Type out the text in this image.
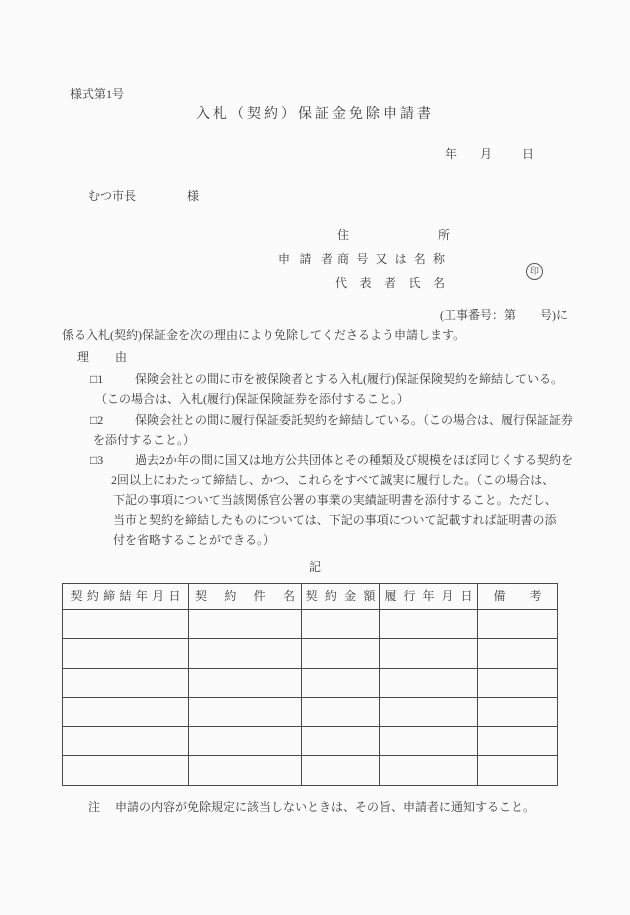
様式第1号
入札（契約）保証金免除申請書
年 月	日
むつ市長	様
住	所
申 請 者 商 号 又 は 名 称
代 表 者 氏 名
印
(工事番号：第　　号)に
係る入札(契約)保証金を次の理由により免除してくださるよう申請します。
理 由
□1	保険会社との間に市を被保険者とする入札(履行)保証保険契約を締結している。
（この場合は、入札(履行)保証保険証券を添付すること。）
□2	保険会社との間に履行保証委託契約を締結している。（この場合は、履行保証証券
を添付すること。）
□3	過去2か年の間に国又は地方公共団体とその種類及び規模をほぼ同じくする契約を
2回以上にわたって締結し、かつ、これらをすべて誠実に履行した。（この場合は、
下記の事項について当該関係官公署の事業の実績証明書を添付すること。ただし、
当市と契約を締結したものについては、下記の事項について記載すれば証明書の添
付を省略することができる。）
記
契 約 締 結 年 月 日	契 約 件 名	契 約 金 額	履 行 年 月 日	備 考

注 申請の内容が免除規定に該当しないときは、その旨、申請者に通知すること。
